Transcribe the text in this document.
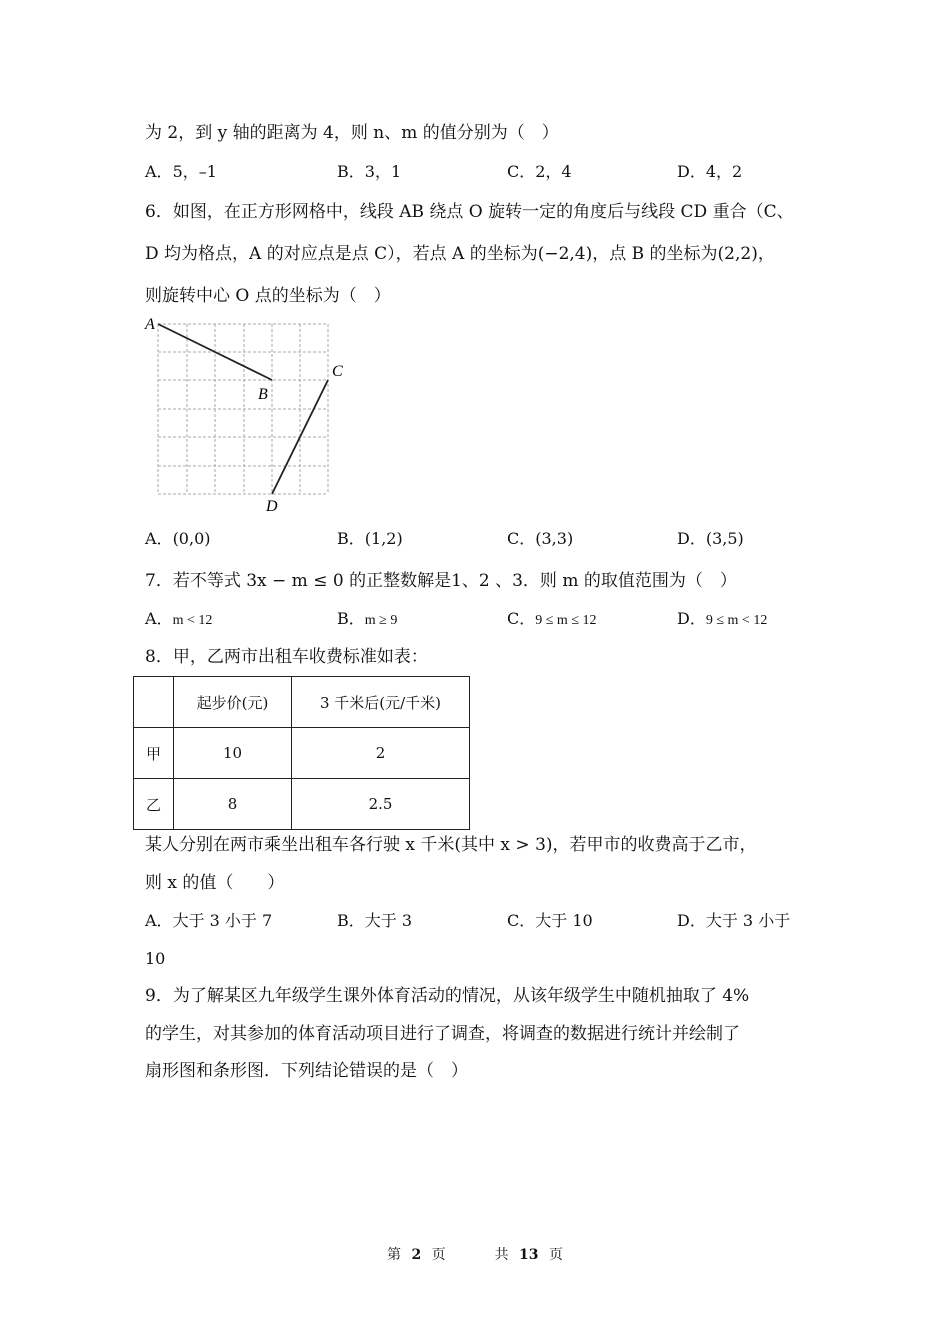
为 2，到 y 轴的距离为 4，则 n、m 的值分别为（　）
A．5，–1	B．3，1	C．2，4	D．4，2
6．如图，在正方形网格中，线段 AB 绕点 O 旋转一定的角度后与线段 CD 重合（C、
D 均为格点，A 的对应点是点 C），若点 A 的坐标为(−2,4)，点 B 的坐标为(2,2)，
则旋转中心 O 点的坐标为（　）
A
B
C
D
A．(0,0)	B．(1,2)	C．(3,3)	D．(3,5)
7．若不等式 3x − m ≤ 0 的正整数解是1、2 、3．则 m 的取值范围为（　）
A．m < 12	B．m ≥ 9	C．9 ≤ m ≤ 12	D．9 ≤ m < 12
8．甲，乙两市出租车收费标准如表：
	起步价(元)	3 千米后(元/千米)
甲	10	2
乙	8	2.5
某人分别在两市乘坐出租车各行驶 x 千米(其中 x > 3)，若甲市的收费高于乙市，
则 x 的值（　　）
A．大于 3 小于 7	B．大于 3	C．大于 10	D．大于 3 小于
10
9．为了解某区九年级学生课外体育活动的情况，从该年级学生中随机抽取了 4%
的学生，对其参加的体育活动项目进行了调查，将调查的数据进行统计并绘制了
扇形图和条形图．下列结论错误的是（　）
第 2 页	共 13 页
